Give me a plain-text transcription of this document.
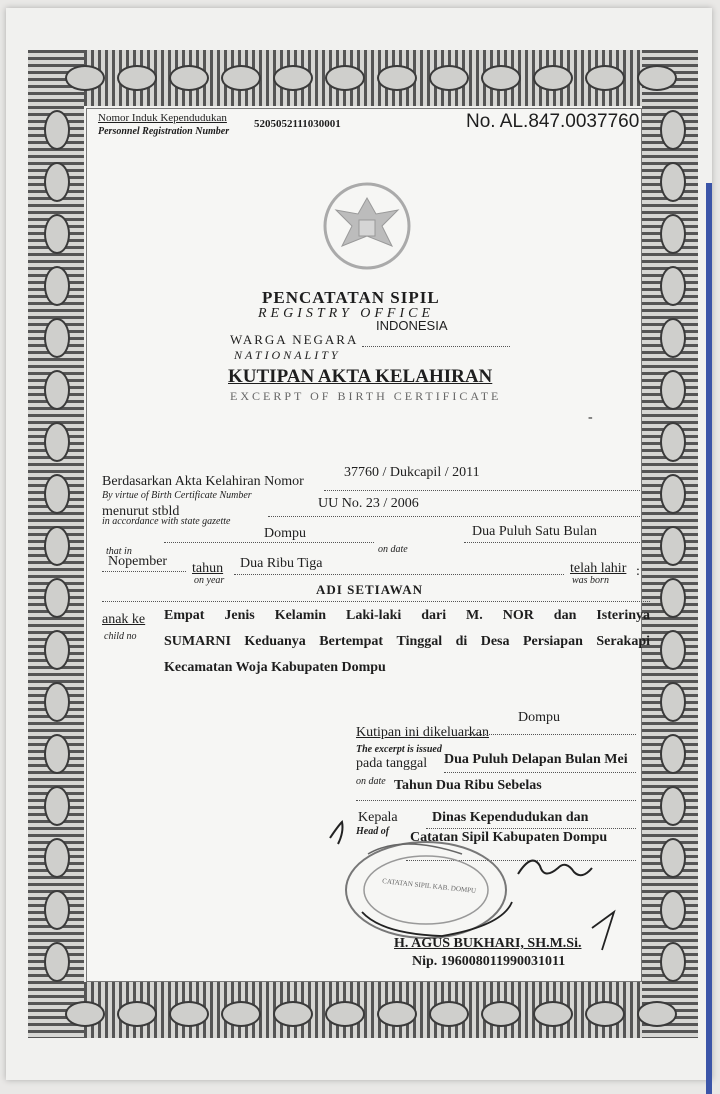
Nomor Induk Kependudukan
Personnel Registration Number
5205052111030001	No. AL.847.0037760
PENCATATAN SIPIL
REGISTRY OFFICE
INDONESIA
WARGA NEGARA
NATIONALITY
KUTIPAN AKTA KELAHIRAN
EXCERPT OF BIRTH CERTIFICATE
Berdasarkan Akta Kelahiran Nomor
By virtue of Birth Certificate Number
37760 / Dukcapil / 2011
menurut stbld
in accordance with state gazette
UU No. 23 / 2006
Dompu
on date
Dua Puluh Satu Bulan
that in
Nopember tahun
on year
Dua Ribu Tiga	telah lahir
was born
:
ADI SETIAWAN
anak ke
child no
Empat Jenis Kelamin Laki-laki dari M. NOR dan Isterinya
SUMARNI Keduanya Bertempat Tinggal di Desa Persiapan Serakapi
Kecamatan Woja Kabupaten Dompu
Kutipan ini dikeluarkan
Dompu
The excerpt is issued
pada tanggal Dua Puluh Delapan Bulan Mei
on date Tahun Dua Ribu Sebelas
Kepala Dinas Kependudukan dan
Head of Catatan Sipil Kabupaten Dompu
CATATAN SIPIL KAB. DOMPU
H. AGUS BUKHARI, SH.M.Si.
Nip. 196008011990031011
-
